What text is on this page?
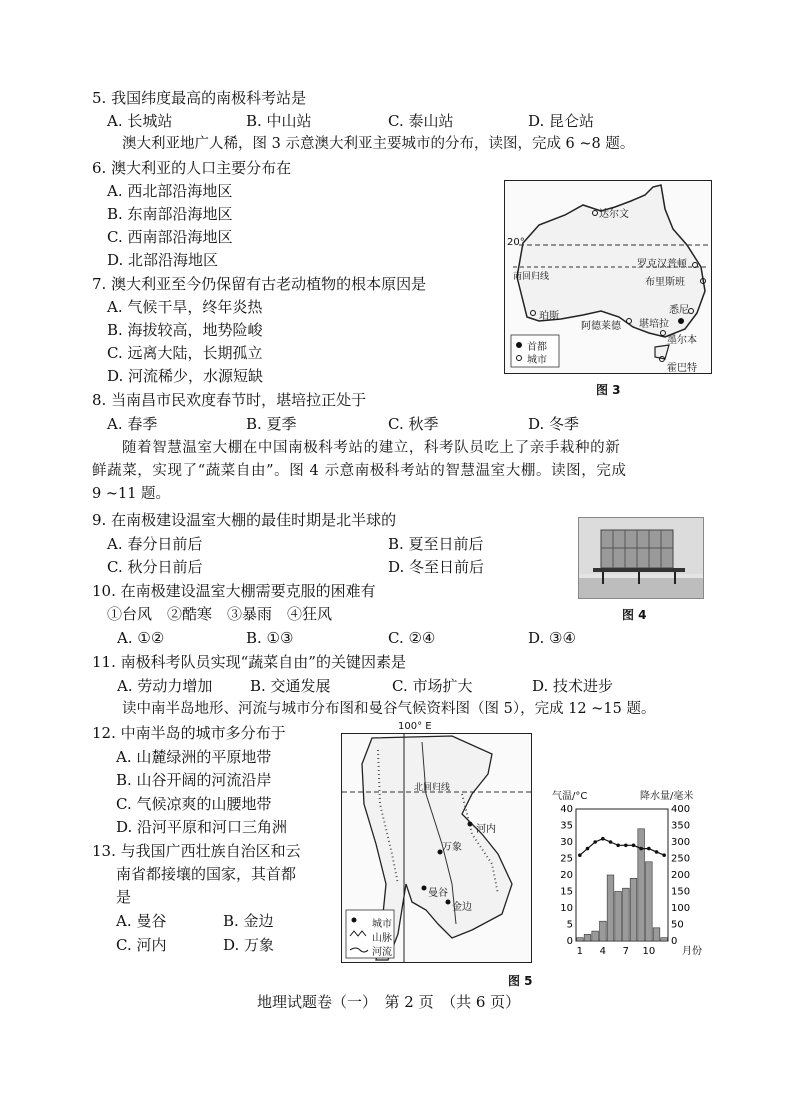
5. 我国纬度最高的南极科考站是
A. 长城站	B. 中山站	C. 泰山站	D. 昆仑站
澳大利亚地广人稀，图 3 示意澳大利亚主要城市的分布，读图，完成 6 ~8 题。
6. 澳大利亚的人口主要分布在
A. 西北部沿海地区
B. 东南部沿海地区
C. 西南部沿海地区
D. 北部沿海地区
7. 澳大利亚至今仍保留有古老动植物的根本原因是
A. 气候干旱，终年炎热
B. 海拔较高，地势险峻
C. 远离大陆，长期孤立
D. 河流稀少，水源短缺
8. 当南昌市民欢度春节时，堪培拉正处于
A. 春季	B. 夏季	C. 秋季	D. 冬季
随着智慧温室大棚在中国南极科考站的建立，科考队员吃上了亲手栽种的新
鲜蔬菜，实现了“蔬菜自由”。图 4 示意南极科考站的智慧温室大棚。读图，完成
9 ~11 题。
9. 在南极建设温室大棚的最佳时期是北半球的
A. 春分日前后	B. 夏至日前后
C. 秋分日前后	D. 冬至日前后
10. 在南极建设温室大棚需要克服的困难有
①台风　②酷寒　③暴雨　④狂风
A. ①②	B. ①③	C. ②④	D. ③④
11. 南极科考队员实现“蔬菜自由”的关键因素是
A. 劳动力增加	B. 交通发展	C. 市场扩大	D. 技术进步
读中南半岛地形、河流与城市分布图和曼谷气候资料图（图 5），完成 12 ~15 题。
12. 中南半岛的城市多分布于
A. 山麓绿洲的平原地带
B. 山谷开阔的河流沿岸
C. 气候凉爽的山腰地带
D. 沿河平原和河口三角洲
13. 与我国广西壮族自治区和云
南省都接壤的国家，其首都
是
A. 曼谷	B. 金边
C. 河内	D. 万象
达尔文
20°
南回归线
罗克汉普顿
布里斯班
珀斯
阿德莱德
悉尼
堪培拉
墨尔本
霍巴特
首都
城市
图 3
图 4
100° E
北回归线
河内
万象
曼谷
金边
城市
山脉
河流
气温/°C	降水量/毫米
0
5
10
15
20
25
30
35
40
0
50
100
150
200
250
300
350
400
1 4 7 10	月份
图 5
地理试题卷（一）　第 2 页　（共 6 页）
